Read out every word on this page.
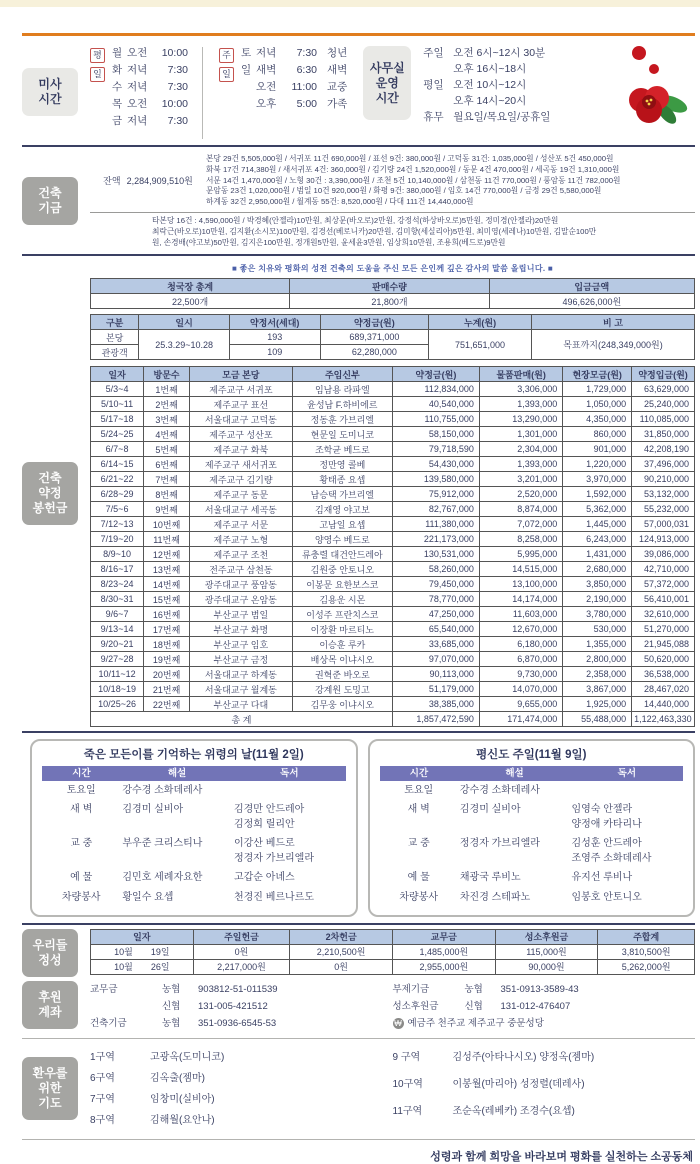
미사
시간
평
일
월 오전	10:00
화 저녁	7:30
수 저녁	7:30
목 오전	10:00
금 저녁	7:30
주
일
토 저녁	7:30 청년
일 새벽	6:30 새벽
오전	11:00 교중
오후	5:00 가족
사무실
운영
시간
주일 오전 6시~12시 30분
오후 16시~18시
평일 오전 10시~12시
오후 14시~20시
휴무 월요일/목요일/공휴일
건축
기금
잔액 2,284,909,510원
본당 29건 5,505,000원 / 서귀포 11건 690,000원 / 표선 9건: 380,000원 / 고덕동 31건: 1,035,000원 / 성산포 5건 450,000원
화북 17건 714,380원 / 새서귀포 4건: 360,000원 / 김기량 24건 1,520,000원 / 동문 4건 470,000원 / 세곡동 19건 1,310,000원
서문 14건 1,470,000원 / 노형 30건 : 3,390,000원 / 조천 5건 10,140,000원 / 삼천동 11건 770,000원 / 풍암동 11건 782,000원
문암동 23건 1,020,000원 / 범일 10건 920,000원 / 화평 9건: 380,000원 / 임호 14건 770,000원 / 금정 29건 5,580,000원
하계동 32건 2,950,000원 / 월계동 55건: 8,520,000원 / 다대 111건 14,440,000원
타본당 16건 : 4,590,000원 / 박경혜(안젤라)10만원, 최상문(바오로)2만원, 강정석(하상바오로)5만원, 정미경(안젤라)20만원
최락근(바오로)10만원, 김지환(소시모)100만원, 김경선(베로니카)20만원, 김미향(세실리아)5만원, 최미영(세레나)10만원, 김말순100만
원, 손경배(야고보)50만원, 김지은100만원, 정개원5만원, 윤세윤3만원, 임상희10만원, 조용희(베드로)9만원
건축
약정
봉헌금
■ 좋은 치유와 평화의 성전 건축의 도움을 주신 모든 은인께 깊은 감사의 말씀 올립니다. ■
청국장 총계	판매수량	입금금액
22,500개	21,800개	496,626,000원
구분	일시	약정서(세대)	약정금(원)	누계(원)	비 고
본당	25.3.29~10.28	193	689,371,000	751,651,000	목표까지(248,349,000원)
관광객		109	62,280,000		
일자	방문수	모금 본당	주임신부	약정금(원)	물품판매(원)	현장모금(원)	약정입금(원)
5/3~4	1번째	제주교구 서귀포	임남용 라파엘	112,834,000	3,306,000	1,729,000	63,629,000
5/10~11	2번째	제주교구 표선	윤성남 F.하비에르	40,540,000	1,393,000	1,050,000	25,240,000
5/17~18	3번째	서울대교구 고덕동	정동훈 가브리엘	110,755,000	13,290,000	4,350,000	110,085,000
5/24~25	4번째	제주교구 성산포	현문일 도미니코	58,150,000	1,301,000	860,000	31,850,000
6/7~8	5번째	제주교구 화북	조학균 베드로	79,718,590	2,304,000	901,000	42,208,190
6/14~15	6번째	제주교구 새서귀포	정만영 콜베	54,430,000	1,393,000	1,220,000	37,496,000
6/21~22	7번째	제주교구 김기량	황태종 요셉	139,580,000	3,201,000	3,970,000	90,210,000
6/28~29	8번째	제주교구 동문	남승택 가브리엘	75,912,000	2,520,000	1,592,000	53,132,000
7/5~6	9번째	서울대교구 세곡동	김재영 야고보	82,767,000	8,874,000	5,362,000	55,232,000
7/12~13	10번째	제주교구 서문	고남일 요셉	111,380,000	7,072,000	1,445,000	57,000,031
7/19~20	11번째	제주교구 노형	양영수 베드로	221,173,000	8,258,000	6,243,000	124,913,000
8/9~10	12번째	제주교구 조천	류충렬 대건안드레아	130,531,000	5,995,000	1,431,000	39,086,000
8/16~17	13번째	전주교구 삼천동	김원중 안토니오	58,260,000	14,515,000	2,680,000	42,710,000
8/23~24	14번째	광주대교구 풍암동	이봉문 요한보스코	79,450,000	13,100,000	3,850,000	57,372,000
8/30~31	15번째	광주대교구 온암동	김용운 시몬	78,770,000	14,174,000	2,190,000	56,410,001
9/6~7	16번째	부산교구 범일	이성주 프란치스코	47,250,000	11,603,000	3,780,000	32,610,000
9/13~14	17번째	부산교구 화명	이장환 마르티노	65,540,000	12,670,000	530,000	51,270,000
9/20~21	18번째	부산교구 임호	이승훈 루카	33,685,000	6,180,000	1,355,000	21,945,088
9/27~28	19번째	부산교구 금정	배상목 이냐시오	97,070,000	6,870,000	2,800,000	50,620,000
10/11~12	20번째	서울대교구 하계동	권혁준 바오로	90,113,000	9,730,000	2,358,000	36,538,000
10/18~19	21번째	서울대교구 월계동	강계원 도밍고	51,179,000	14,070,000	3,867,000	28,467,020
10/25~26	22번째	부산교구 다대	김무웅 이냐시오	38,385,000	9,655,000	1,925,000	14,440,000
총 계				1,857,472,590	171,474,000	55,488,000	1,122,463,330
죽은 모든이를 기억하는 위령의 날(11월 2일)
시간	해설	독서
토요일	강수경 소화데레사
새 벽	김경미 실비아	김경만 안드레아
김정희 릴리안
교 중	부우준 크리스티나	이강산 베드로
정경자 가브리엘라
예 물	김민호 세례자요한	고갑순 아녜스
차량봉사	황일수 요셉	천경진 베르나르도
평신도 주일(11월 9일)
시간	해설	독서
토요일	강수경 소화데레사
새 벽	김경미 실비아	임영숙 안젤라
양정애 카타리나
교 중	정경자 가브리엘라	김성훈 안드레아
조영주 소화데레사
예 물	채광국 루비노	유지선 루비나
차량봉사	차진경 스테파노	임봉호 안토니오
우리들
정성
일자	주일헌금	2차헌금	교무금	성소후원금	주합계
10월 19일	0원	2,210,500원	1,485,000원	115,000원	3,810,500원
10월 26일	2,217,000원	0원	2,955,000원	90,000원	5,262,000원
후원
계좌
교무금	농협	903812-51-011539
신협	131-005-421512
건축기금	농협	351-0936-6545-53
부제기금	농협	351-0913-3589-43
성소후원금	신협	131-012-476407
₩ 예금주 천주교 제주교구 중문성당
환우를
위한
기도
1구역	고광옥(도미니코)
6구역	김옥출(젬마)
7구역	임창미(실비아)
8구역	김해월(요안나)
9 구역	김성주(아타나시오) 양정옥(젬마)
10구역	이봉월(마리아) 성정렬(데레사)
11구역	조순옥(레베카) 조경수(요셉)
성령과 함께 희망을 바라보며 평화를 실천하는 소공동체
